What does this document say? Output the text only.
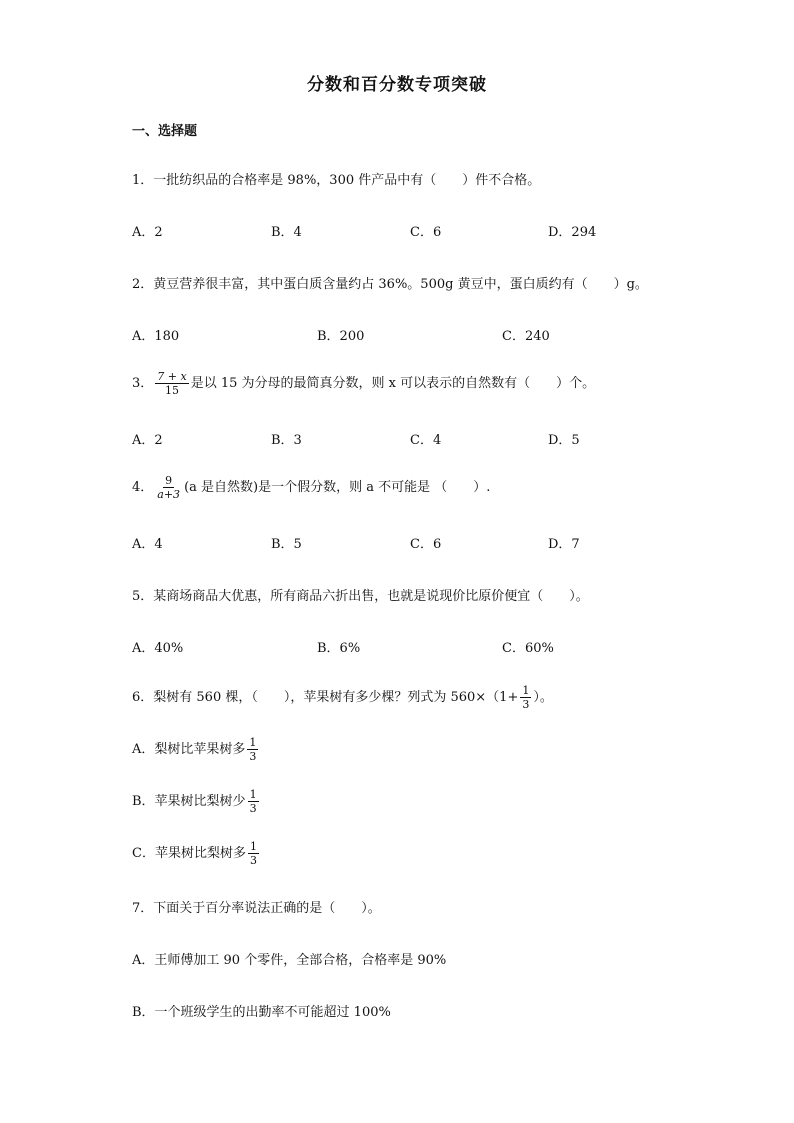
分数和百分数专项突破
一、选择题
1．一批纺织品的合格率是 98%，300 件产品中有（　　）件不合格。
A．2	B．4	C．6	D．294
2．黄豆营养很丰富，其中蛋白质含量约占 36%。500g 黄豆中，蛋白质约有（　　）g。
A．180	B．200	C．240
3． $\frac{7 + x}{15}$ 是以 15 为分母的最简真分数，则 x 可以表示的自然数有（　　）个。
A．2	B．3	C．4	D．5
4． $\frac{9}{a+3} (a$ 是自然数)是一个假分数，则 a 不可能是 （　　）.
A．4	B．5	C．6	D．7
5．某商场商品大优惠，所有商品六折出售，也就是说现价比原价便宜（　　）。
A．40%	B．6%	C．60%
6．梨树有 560 棵，（　　），苹果树有多少棵？列式为 $560\times(1+ \frac{1}{3}$ ）。
A．梨树比苹果树多 $\frac{1}{3}$
B．苹果树比梨树少 $\frac{1}{3}$
C．苹果树比梨树多 $\frac{1}{3}$
7．下面关于百分率说法正确的是（　　）。
A．王师傅加工 90 个零件，全部合格，合格率是 90%
B．一个班级学生的出勤率不可能超过 100%
